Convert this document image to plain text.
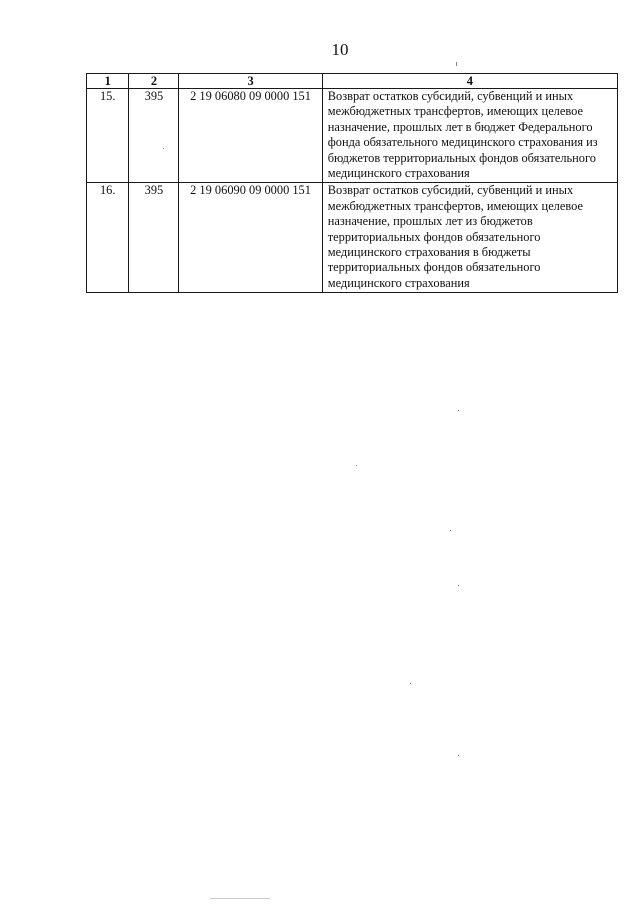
10
1	2	3	4
15.	395	2 19 06080 09 0000 151	Возврат остатков субсидий, субвенций и иных межбюджетных трансфертов, имеющих целевое назначение, прошлых лет в бюджет Федерального фонда обязательного медицинского страхования из бюджетов территориальных фондов обязательного медицинского страхования
16.	395	2 19 06090 09 0000 151	Возврат остатков субсидий, субвенций и иных межбюджетных трансфертов, имеющих целевое назначение, прошлых лет из бюджетов территориальных фондов обязательного медицинского страхования в бюджеты территориальных фондов обязательного медицинского страхования
